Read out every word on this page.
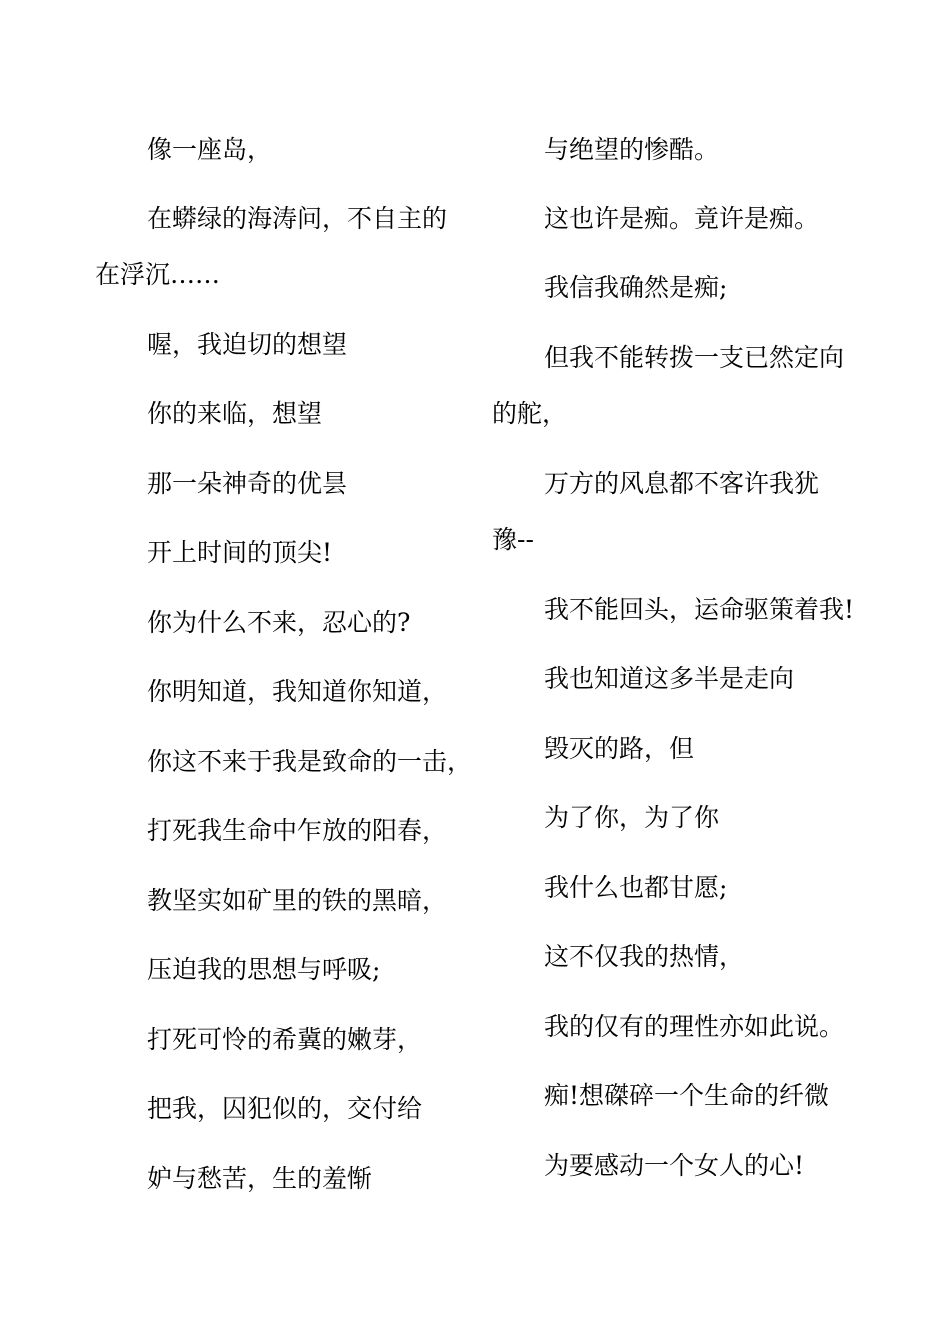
像一座岛，
在蟒绿的海涛问，不自主的
在浮沉……
喔，我迫切的想望
你的来临，想望
那一朵神奇的优昙
开上时间的顶尖!
你为什么不来，忍心的?
你明知道，我知道你知道，
你这不来于我是致命的一击，
打死我生命中乍放的阳春，
教坚实如矿里的铁的黑暗，
压迫我的思想与呼吸;
打死可怜的希冀的嫩芽，
把我，囚犯似的，交付给
妒与愁苦，生的羞惭
与绝望的惨酷。
这也许是痴。竟许是痴。
我信我确然是痴;
但我不能转拨一支已然定向
的舵，
万方的风息都不客许我犹
豫--
我不能回头，运命驱策着我!
我也知道这多半是走向
毁灭的路，但
为了你，为了你
我什么也都甘愿;
这不仅我的热情，
我的仅有的理性亦如此说。
痴!想磔碎一个生命的纤微
为要感动一个女人的心!
